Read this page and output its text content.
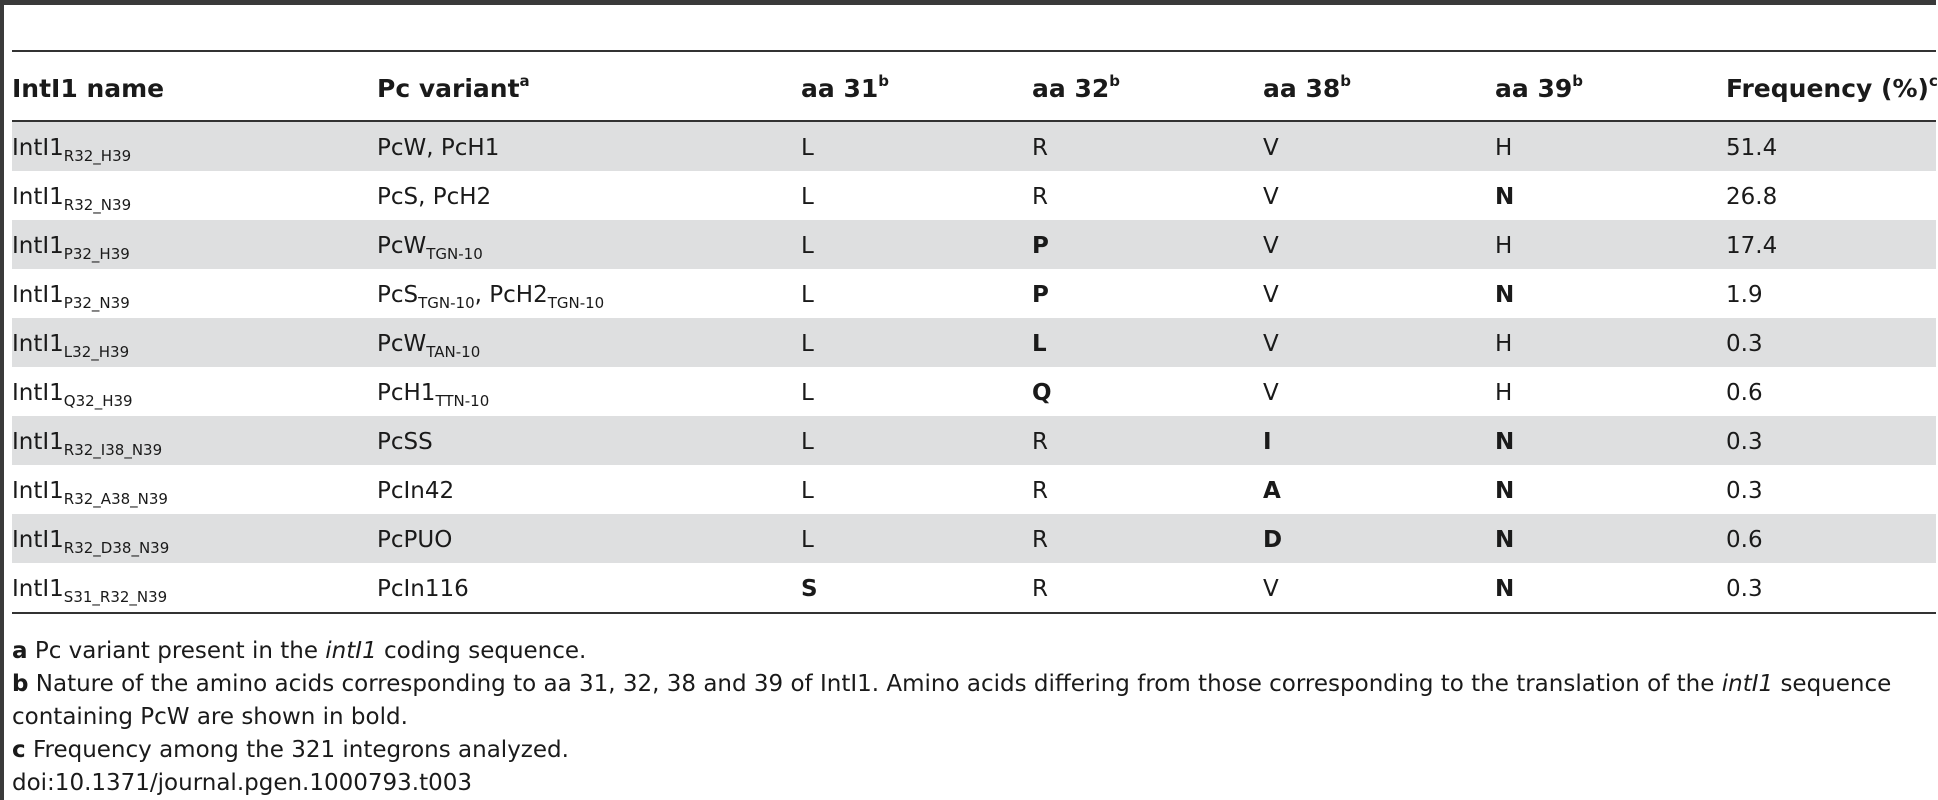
IntI1 name	Pc variant$^a$	aa 31$^b$	aa 32$^b$	aa 38$^b$	aa 39$^b$	Frequency (%)$^c$
$IntI1_{R32\_H39}$	PcW, PcH1	L	R	V	H	51.4
$IntI1_{R32\_N39}$	PcS, PcH2	L	R	V	N	26.8
$IntI1_{P32\_H39}$	PcW$_{TGN-10}$	L	P	V	H	17.4
$IntI1_{P32\_N39}$	PcS$_{TGN-10}$, $PcH2_{TGN-10}$	L	P	V	N	1.9
$IntI1_{L32\_H39}$	PcW$_{TAN-10}$	L	L	V	H	0.3
$IntI1_{Q32\_H39}$	$PcH1_{TTN-10}$	L	Q	V	H	0.6
$IntI1_{R32\_I38\_N39}$	PcSS	L	R	I	N	0.3
$IntI1_{R32\_A38\_N39}$	PcIn42	L	R	A	N	0.3
$IntI1_{R32\_D38\_N39}$	PcPUO	L	R	D	N	0.6
$IntI1_{S31\_R32\_N39}$	PcIn116	S	R	V	N	0.3
a Pc variant present in the intI1 coding sequence.
b Nature of the amino acids corresponding to aa 31, 32, 38 and 39 of IntI1. Amino acids differing from those corresponding to the translation of the intI1 sequence
containing PcW are shown in bold.
c Frequency among the 321 integrons analyzed.
doi:10.1371/journal.pgen.1000793.t003
